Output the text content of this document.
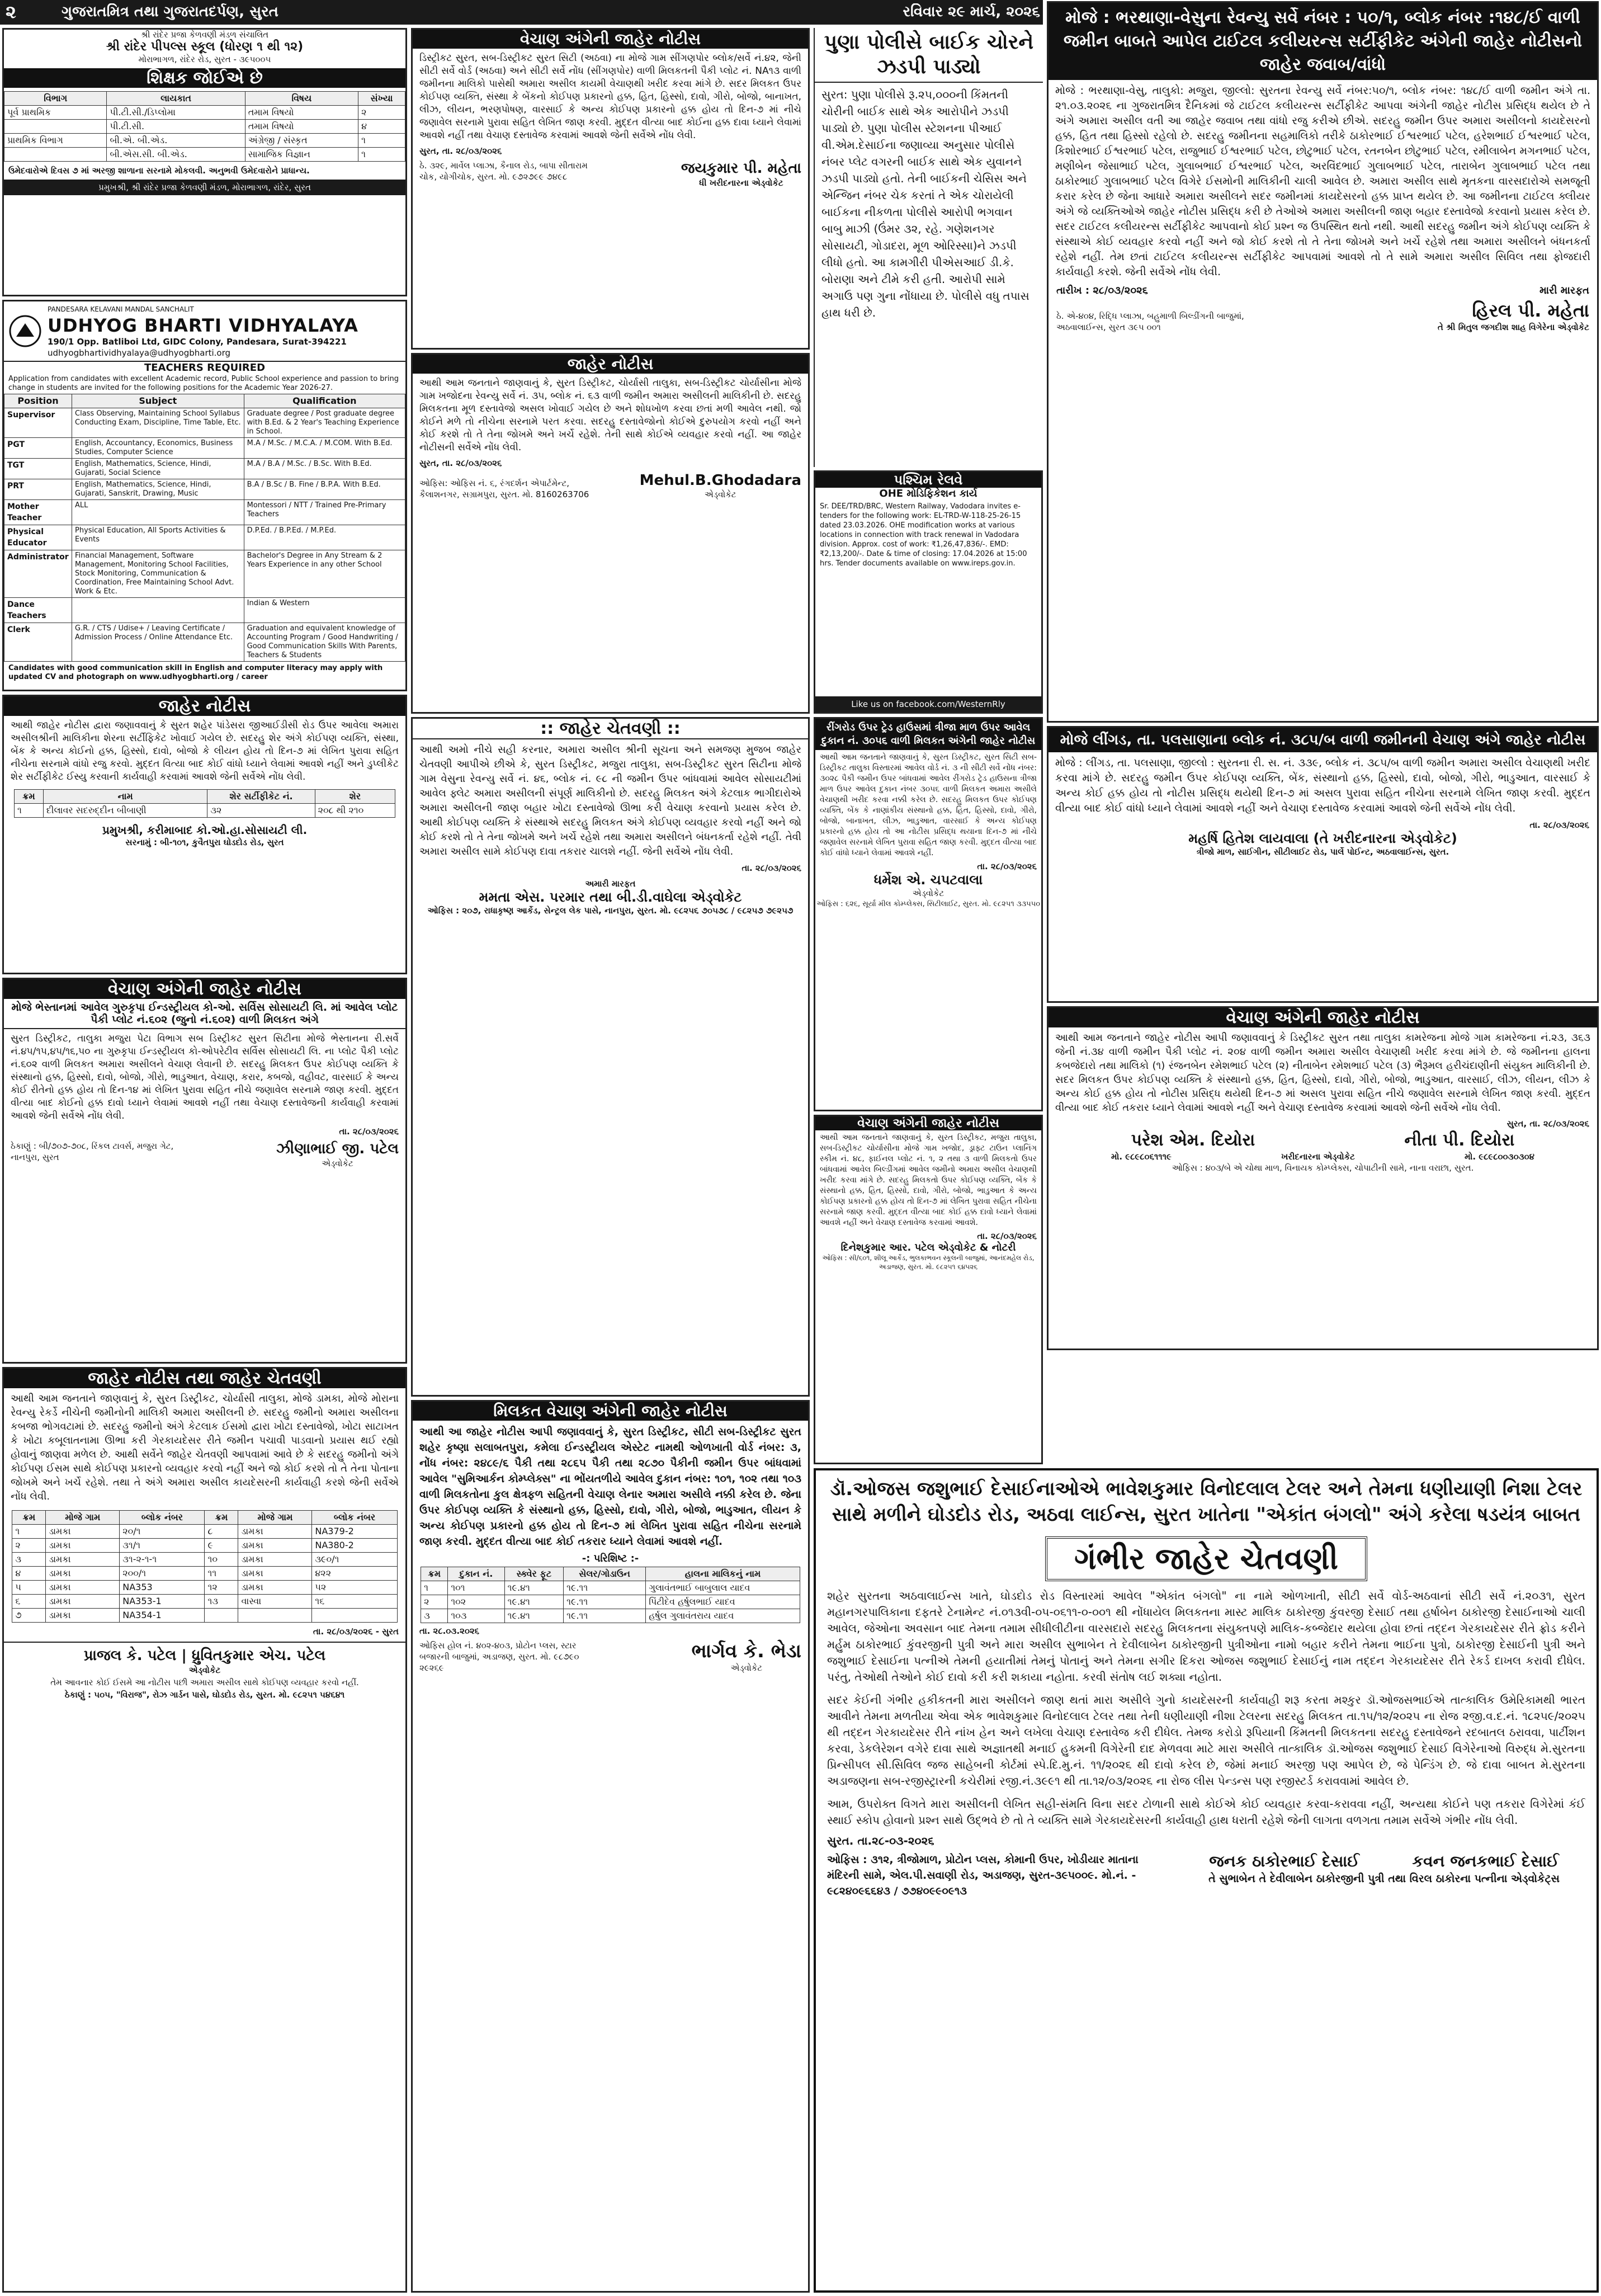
૨	ગુજરાતમિત્ર તથા ગુજરાતદર્પણ, સુરત	રવિવાર ૨૯ માર્ચ, ૨૦૨૬
શ્રી રાંદેર પ્રજા કેળવણી મંડળ સંચાલિત
શ્રી રાંદેર પીપલ્સ સ્કૂલ (ધોરણ ૧ થી ૧૨)
મોરાભાગળ, રાંદેર રોડ, સુરત - ૩૯૫૦૦૫
શિક્ષક જોઈએ છે
વિભાગ	લાયકાત	વિષય	સંખ્યા
પૂર્વ પ્રાથમિક	પી.ટી.સી./ડિપ્લોમા	તમામ વિષયો	૨
	પી.ટી.સી.	તમામ વિષયો	૪
પ્રાથમિક વિભાગ	બી.એ. બી.એડ.	અંગ્રેજી / સંસ્કૃત	૧
	બી.એસ.સી. બી.એડ.	સામાજિક વિજ્ઞાન	૧
ઉમેદવારોએ દિવસ ૭ માં અરજી શાળાના સરનામે મોકલવી. અનુભવી ઉમેદવારોને પ્રાધાન્ય.
પ્રમુખશ્રી, શ્રી રાંદેર પ્રજા કેળવણી મંડળ, મોરાભાગળ, રાંદેર, સુરત
PANDESARA KELAVANI MANDAL SANCHALIT
UDHYOG BHARTI VIDHYALAYA
190/1 Opp. Batliboi Ltd, GIDC Colony, Pandesara, Surat-394221
udhyogbhartividhyalaya@udhyogbharti.org
TEACHERS REQUIRED
Application from candidates with excellent Academic record, Public School experience and passion to bring change in students are invited for the following positions for the Academic Year 2026-27.
Position	Subject	Qualification
Supervisor	Class Observing, Maintaining School Syllabus Conducting Exam, Discipline, Time Table, Etc.	Graduate degree / Post graduate degree with B.Ed. & 2 Year's Teaching Experience in School.
PGT	English, Accountancy, Economics, Business Studies, Computer Science	M.A / M.Sc. / M.C.A. / M.COM. With B.Ed.
TGT	English, Mathematics, Science, Hindi, Gujarati, Social Science	M.A / B.A / M.Sc. / B.Sc. With B.Ed.
PRT	English, Mathematics, Science, Hindi, Gujarati, Sanskrit, Drawing, Music	B.A / B.Sc / B. Fine / B.P.A. With B.Ed.
Mother Teacher	ALL	Montessori / NTT / Trained Pre-Primary Teachers
Physical Educator	Physical Education, All Sports Activities & Events	D.P.Ed. / B.P.Ed. / M.P.Ed.
Administrator	Financial Management, Software Management, Monitoring School Facilities, Stock Monitoring, Communication & Coordination, Free Maintaining School Advt. Work & Etc.	Bachelor's Degree in Any Stream & 2 Years Experience in any other School
Dance Teachers		Indian & Western
Clerk	G.R. / CTS / Udise+ / Leaving Certificate / Admission Process / Online Attendance Etc.	Graduation and equivalent knowledge of Accounting Program / Good Handwriting / Good Communication Skills With Parents, Teachers & Students
Candidates with good communication skill in English and computer literacy may apply with updated CV and photograph on www.udhyogbharti.org / career
જાહેર નોટીસ
આથી જાહેર નોટીસ દ્વારા જણાવવાનું કે સુરત શહેર પાંડેસરા જીઆઈડીસી રોડ ઉપર આવેલા અમારા અસીલશ્રીની માલિકીના શેરના સર્ટીફિકેટ ખોવાઈ ગયેલ છે. સદરહુ શેર અંગે કોઈપણ વ્યક્તિ, સંસ્થા, બેંક કે અન્ય કોઈનો હક્ક, હિસ્સો, દાવો, બોજો કે લીયન હોય તો દિન-૭ માં લેખિત પુરાવા સહિત નીચેના સરનામે વાંધો રજુ કરવો. મુદ્દત વિત્યા બાદ કોઈ વાંધો ધ્યાને લેવામાં આવશે નહીં અને ડુપ્લીકેટ શેર સર્ટીફીકેટ ઈસ્યુ કરવાની કાર્યવાહી કરવામાં આવશે જેની સર્વેએ નોંધ લેવી.
ક્રમ	નામ	શેર સર્ટીફીકેટ નં.	શેર
૧	દીલાવર સદરુદ્દીન બીબાણી	૩૨	૨૦૮ થી ૨૧૦
પ્રમુખશ્રી, કરીમાબાદ કો.ઓ.હા.સોસાયટી લી.
સરનામું : બી-૧૦૧, કુવૈતપુરા ઘોડદોડ રોડ, સુરત
વેચાણ અંગેની જાહેર નોટીસ
મોજે ભેસ્તાનમાં આવેલ ગુરુકૃપા ઈન્ડસ્ટ્રીયલ કો-ઓ. સર્વિસ સોસાયટી લિ. માં આવેલ પ્લોટ પૈકી પ્લોટ નં.૬૦૨ (જુનો નં.૬૦૨) વાળી મિલકત અંગે
સુરત ડિસ્ટ્રીકટ, તાલુકા મજુરા પેટા વિભાગ સબ ડિસ્ટ્રીકટ સુરત સિટીના મોજે ભેસ્તાનના રી.સર્વે નં.૪૫/૧૫,૪૫/૧૬,૫૦ ના ગુરુકૃપા ઈન્ડસ્ટ્રીયલ કો-ઓપરેટીવ સર્વિસ સોસાયટી લિ. ના પ્લોટ પૈકી પ્લોટ નં.૬૦૨ વાળી મિલકત અમારા અસીલને વેચાણ લેવાની છે. સદરહુ મિલકત ઉપર કોઈપણ વ્યક્તિ કે સંસ્થાનો હક્ક, હિસ્સો, દાવો, બોજો, ગીરો, ભાડુઆત, વેચાણ, કરાર, કબજો, વહીવટ, વારસાઈ કે અન્ય કોઈ રીતેનો હક્ક હોય તો દિન-૧૪ માં લેખિત પુરાવા સહિત નીચે જણાવેલ સરનામે જાણ કરવી. મુદ્દત વીત્યા બાદ કોઈનો હક્ક દાવો ધ્યાને લેવામાં આવશે નહીં તથા વેચાણ દસ્તાવેજની કાર્યવાહી કરવામાં આવશે જેની સર્વેએ નોંધ લેવી.
તા. ૨૮/૦૩/૨૦૨૬
ઠેકાણું : બી/૭૦૭-૭૦૮, રિંકલ ટાવર્સ, મજુરા ગેટ, નાનપુરા, સુરત	ઝીણાભાઈ જી. પટેલ
એડ્વોકેટ
જાહેર નોટીસ તથા જાહેર ચેતવણી
આથી આમ જનતાને જાણવાનું કે, સુરત ડિસ્ટ્રીકટ, ચોર્યાસી તાલુકા, મોજે ડામકા, મોજે મોરાના રેવન્યુ રેકર્ડે નીચેની જમીનોની માલિકી અમારા અસીલની છે. સદરહુ જમીનો અમારા અસીલના કબજા ભોગવટામાં છે. સદરહુ જમીનો અંગે કેટલાક ઈસમો દ્વારા ખોટા દસ્તાવેજો, ખોટા સાટાખત કે ખોટા કબૂલાતનામા ઊભા કરી ગેરકાયદેસર રીતે જમીન પચાવી પાડવાનો પ્રયાસ થઈ રહ્યો હોવાનું જાણવા મળેલ છે. આથી સર્વેને જાહેર ચેતવણી આપવામાં આવે છે કે સદરહુ જમીનો અંગે કોઈપણ ઈસમ સાથે કોઈપણ પ્રકારનો વ્યવહાર કરવો નહીં અને જો કોઈ કરશે તો તે તેના પોતાના જોખમે અને ખર્ચે રહેશે. તથા તે અંગે અમારા અસીલ કાયદેસરની કાર્યવાહી કરશે જેની સર્વેએ નોંધ લેવી.
ક્રમ	મોજે ગામ	બ્લોક નંબર	ક્રમ	મોજે ગામ	બ્લોક નંબર
૧	ડામકા	૨૦/૧	૮	ડામકા	NA379-2
૨	ડામકા	૩૧/૧	૯	ડામકા	NA380-2
૩	ડામકા	૩૧-૨-૧-૧	૧૦	ડામકા	૩૯૦/૧
૪	ડામકા	૨૦૦/૧	૧૧	ડામકા	૪૨૨
૫	ડામકા	NA353	૧૨	ડામકા	૫૨
૬	ડામકા	NA353-1	૧૩	વાસ્વા	૧૬
૭	ડામકા	NA354-1			
તા. ૨૮/૦૩/૨૦૨૬ - સુરત
પ્રાજલ કે. પટેલ | ધ્રુવિતકુમાર એચ. પટેલ
એડ્વોકેટ
તેમ આવનાર કોઈ ઈસમે આ નોટીસ પછી અમારા અસીલ સાથે કોઈપણ વ્યવહાર કરવો નહીં.
ઠેકાણું : ૫૦૫, "વિરાજ", રોઝ ગાર્ડન પાસે, ઘોડદોડ રોડ, સુરત. મો. ૯૮૨૫૧ ૫૪૬૪૧
વેચાણ અંગેની જાહેર નોટીસ
ડિસ્ટ્રીકટ સુરત, સબ-ડિસ્ટ્રીકટ સુરત સિટી (અઠવા) ના મોજે ગામ સીંગણપોર બ્લોક/સર્વે નં.૪૨, જેની સીટી સર્વે વોર્ડ (અઠવા) અને સીટી સર્વે નોંધ (સીંગણપોર) વાળી મિલકતની પૈકી પ્લોટ નં. NA૧૩ વાળી જમીનના માલિકો પાસેથી અમારા અસીલ કાયમી વેચાણથી ખરીદ કરવા માંગે છે. સદર મિલકત ઉપર કોઈપણ વ્યક્તિ, સંસ્થા કે બેંકનો કોઈપણ પ્રકારનો હક્ક, હિત, હિસ્સો, દાવો, ગીરો, બોજો, બાનાખત, લીઝ, લીયન, ભરણપોષણ, વારસાઈ કે અન્ય કોઈપણ પ્રકારનો હક્ક હોય તો દિન-૭ માં નીચે જણાવેલ સરનામે પુરાવા સહિત લેખિત જાણ કરવી. મુદ્દત વીત્યા બાદ કોઈના હક્ક દાવા ધ્યાને લેવામાં આવશે નહીં તથા વેચાણ દસ્તાવેજ કરવામાં આવશે જેની સર્વેએ નોંધ લેવી.
સુરત, તા. ૨૮/૦૩/૨૦૨૬
ઠે. ૩૨૯, માર્વેલ પ્લાઝા, કૈનાલ રોડ, બાપા સીતારામ ચોક, યોગીચોક, સુરત. મો. ૯૭૨૭૯૯ ૭૪૯૮	જયકુમાર પી. મહેતા
ધી ખરીદનારના એડ્વોકેટ
પુણા પોલીસે બાઈક ચોરને ઝડપી પાડ્યો
સુરત: પુણા પોલીસે રૂ.૨૫,૦૦૦ની કિંમતની ચોરીની બાઈક સાથે એક આરોપીને ઝડપી પાડ્યો છે. પુણા પોલીસ સ્ટેશનના પીઆઈ વી.એમ.દેસાઈના જણાવ્યા અનુસાર પોલીસે નંબર પ્લેટ વગરની બાઈક સાથે એક યુવાનને ઝડપી પાડ્યો હતો. તેની બાઈકની ચેસિસ અને એન્જિન નંબર ચેક કરતાં તે એક ચોરાયેલી બાઈકના નીકળતા પોલીસે આરોપી ભગવાન બાબુ માઝી (ઉંમર ૩૨, રહે. ગણેશનગર સોસાયટી, ગોડાદરા, મૂળ ઓરિસ્સા)ને ઝડપી લીધો હતો. આ કામગીરી પીએસઆઈ ડી.કે. બોરાણા અને ટીમે કરી હતી. આરોપી સામે અગાઉ પણ ગુના નોંધાયા છે. પોલીસે વધુ તપાસ હાથ ધરી છે.
જાહેર નોટીસ
આથી આમ જનતાને જાણવાનું કે, સુરત ડિસ્ટ્રીકટ, ચોર્યાસી તાલુકા, સબ-ડિસ્ટ્રીકટ ચોર્યાસીના મોજે ગામ ખજોદના રેવન્યુ સર્વે નં. ૩૫, બ્લોક નં. ૬૩ વાળી જમીન અમારા અસીલની માલિકીની છે. સદરહુ મિલકતના મૂળ દસ્તાવેજો અસલ ખોવાઈ ગયેલ છે અને શોધખોળ કરવા છતાં મળી આવેલ નથી. જો કોઈને મળે તો નીચેના સરનામે પરત કરવા. સદરહુ દસ્તાવેજોનો કોઈએ દુરુપયોગ કરવો નહીં અને કોઈ કરશે તો તે તેના જોખમે અને ખર્ચે રહેશે. તેની સાથે કોઈએ વ્યવહાર કરવો નહીં. આ જાહેર નોટીસની સર્વેએ નોંધ લેવી.
સુરત, તા. ૨૮/૦૩/૨૦૨૬
ઓફિસ: ઓફિસ નં. ૬, રંગદર્શન એપાર્ટમેન્ટ, કૈલાશનગર, સગ્રામપુરા, સુરત. મો. 8160263706
Mehul.B.Ghodadara
એડ્વોકેટ
પશ્ચિમ રેલવે
OHE મોડિફિકેશન કાર્ય
Sr. DEE/TRD/BRC, Western Railway, Vadodara invites e-tenders for the following work: EL-TRD-W-118-25-26-15 dated 23.03.2026. OHE modification works at various locations in connection with track renewal in Vadodara division. Approx. cost of work: ₹1,26,47,836/-. EMD: ₹2,13,200/-. Date & time of closing: 17.04.2026 at 15:00 hrs. Tender documents available on www.ireps.gov.in.
Like us on facebook.com/WesternRly
:: જાહેર ચેતવણી ::
આથી અમો નીચે સહી કરનાર, અમારા અસીલ શ્રીની સૂચના અને સમજણ મુજબ જાહેર ચેતવણી આપીએ છીએ કે, સુરત ડિસ્ટ્રીકટ, મજુરા તાલુકા, સબ-ડિસ્ટ્રીકટ સુરત સિટીના મોજે ગામ વેસુના રેવન્યુ સર્વે નં. ૪૬, બ્લોક નં. ૯૮ ની જમીન ઉપર બાંધવામાં આવેલ સોસાયટીમાં આવેલ ફ્લેટ અમારા અસીલની સંપૂર્ણ માલિકીનો છે. સદરહુ મિલકત અંગે કેટલાક ભાગીદારોએ અમારા અસીલની જાણ બહાર ખોટા દસ્તાવેજો ઊભા કરી વેચાણ કરવાનો પ્રયાસ કરેલ છે. આથી કોઈપણ વ્યક્તિ કે સંસ્થાએ સદરહુ મિલકત અંગે કોઈપણ વ્યવહાર કરવો નહીં અને જો કોઈ કરશે તો તે તેના જોખમે અને ખર્ચે રહેશે તથા અમારા અસીલને બંધનકર્તા રહેશે નહીં. તેવી અમારા અસીલ સામે કોઈપણ દાવા તકરાર ચાલશે નહીં. જેની સર્વેએ નોંધ લેવી.
તા. ૨૮/૦૩/૨૦૨૬
અમારી મારફત
મમતા એસ. પરમાર તથા બી.ડી.વાઘેલા એડ્વોકેટ
ઓફિસ : ૨૦૭, રાધાકૃષ્ણ આર્કેડ, સેન્ટ્રલ લેક પાસે, નાનપુરા, સુરત. મો. ૯૮૨૫૬ ૭૦૫૭૮ / ૯૮૨૫૭ ૭૯૨૫૭
મિલકત વેચાણ અંગેની જાહેર નોટીસ
આથી આ જાહેર નોટીસ આપી જણાવવાનું કે, સુરત ડિસ્ટ્રીકટ, સીટી સબ-ડિસ્ટ્રીકટ સુરત શહેર કૃષ્ણા સલાબતપુરા, કમેલા ઈન્ડસ્ટ્રીયલ એસ્ટેટ નામથી ઓળખાતી વોર્ડ નંબર: ૩, નોંધ નંબર: ૨૪૮૯/૬ પૈકી તથા ૨૮૬૫ પૈકી તથા ૨૮૭૦ પૈકીની જમીન ઉપર બાંધવામાં આવેલ "સુમિઆર્કન કોમ્પ્લેક્સ" ના ભોંયતળીયે આવેલ દુકાન નંબર: ૧૦૧, ૧૦૨ તથા ૧૦૩ વાળી મિલકતોના કુલ ક્ષેત્રફળ સહિતની વેચાણ લેનાર અમારા અસીલે નક્કી કરેલ છે. જેના ઉપર કોઈપણ વ્યક્તિ કે સંસ્થાનો હક્ક, હિસ્સો, દાવો, ગીરો, બોજો, ભાડુઆત, લીયન કે અન્ય કોઈપણ પ્રકારનો હક્ક હોય તો દિન-૭ માં લેખિત પુરાવા સહિત નીચેના સરનામે જાણ કરવી. મુદ્દત વીત્યા બાદ કોઈ તકરાર ધ્યાને લેવામાં આવશે નહીં.
-: પરિશિષ્ટ :-
ક્રમ	દુકાન નં.	સ્ક્વેર ફૂટ	સેલર/ગોડાઉન	હાલના માલિકનું નામ
૧	૧૦૧	૧૯.૪૧	૧૯.૧૧	ગુલાવંતભાઈ બાબુલાલ યાદવ
૨	૧૦૨	૧૯.૪૧	૧૯.૧૧	પિંટીદેવ હર્ષુલભાઈ યાદવ
૩	૧૦૩	૧૯.૪૧	૧૯.૧૧	હર્ષુલ ગુલાવંતરાય યાદવ
તા. ૨૮.૦૩.૨૦૨૬
ઓફિસ હોલ નં. ૪૦૨-૪૦૩, પ્રોટોન પ્લસ, સ્ટાર બજારની બાજુમાં, અડાજણ, સુરત. મો. ૯૮૭૯૦ ૨૯૨૬૯
ભાર્ગવ કે. ભેડા
એડ્વોકેટ
રીંગરોડ ઉપર ટ્રેડ હાઉસમાં ત્રીજા માળ ઉપર આવેલ દુકાન નં. ૩૦૫૬ વાળી મિલકત અંગેની જાહેર નોટીસ
આથી આમ જનતાને જાણવાનું કે, સુરત ડિસ્ટ્રીકટ, સુરત સિટી સબ-ડિસ્ટ્રીકટ તાલુકા વિસ્તારમાં આવેલ વોર્ડ નં. ૩ ની સીટી સર્વે નોંધ નંબર: ૩૦૨૮ પૈકી જમીન ઉપર બાંધવામાં આવેલ રીંગરોડ ટ્રેડ હાઉસના ત્રીજા માળ ઉપર આવેલ દુકાન નંબર ૩૦૫૬ વાળી મિલકત અમારા અસીલે વેચાણથી ખરીદ કરવા નક્કી કરેલ છે. સદરહુ મિલકત ઉપર કોઈપણ વ્યક્તિ, બેંક કે નાણાંકીય સંસ્થાનો હક્ક, હિત, હિસ્સો, દાવો, ગીરો, બોજો, બાનાખત, લીઝ, ભાડુઆત, વારસાઈ કે અન્ય કોઈપણ પ્રકારનો હક્ક હોય તો આ નોટીસ પ્રસિદ્ધ થયાના દિન-૭ માં નીચે જણાવેલ સરનામે લેખિત પુરાવા સહિત જાણ કરવી. મુદ્દત વીત્યા બાદ કોઈ વાંધો ધ્યાને લેવામાં આવશે નહીં.
તા. ૨૮/૦૩/૨૦૨૬
ધર્મેશ એ. ચપટવાલા
એડ્વોકેટ
ઓફિસ : ૬૨૬, સૂર્યા મીલ કોમ્પ્લેક્સ, સિટીલાઈટ, સુરત. મો. ૯૮૨૫૧ ૩૩૫૫૦
વેચાણ અંગેની જાહેર નોટીસ
આથી આમ જનતાને જાણવાનું કે, સુરત ડિસ્ટ્રીકટ, મજુરા તાલુકા, સબ-ડિસ્ટ્રીકટ ચોર્યાસીના મોજે ગામ ખજોદ, ડ્રાફ્ટ ટાઉન પ્લાનિંગ સ્કીમ નં. ૪૮, ફાઈનલ પ્લોટ નં. ૧, ૨ તથા ૩ વાળી મિલકતો ઉપર બાંધવામાં આવેલ બિલ્ડીંગમાં આવેલ જમીનો અમારા અસીલ વેચાણથી ખરીદ કરવા માંગે છે. સદરહુ મિલકતો ઉપર કોઈપણ વ્યક્તિ, બેંક કે સંસ્થાનો હક્ક, હિત, હિસ્સો, દાવો, ગીરો, બોજો, ભાડુઆત કે અન્ય કોઈપણ પ્રકારનો હક્ક હોય તો દિન-૭ માં લેખિત પુરાવા સહિત નીચેના સરનામે જાણ કરવી. મુદ્દત વીત્યા બાદ કોઈ હક્ક દાવો ધ્યાને લેવામાં આવશે નહીં અને વેચાણ દસ્તાવેજ કરવામાં આવશે.
તા. ૨૮/૦૩/૨૦૨૬
દિનેશકુમાર આર. પટેલ એડ્વોકેટ & નોટરી
ઓફિસ : સી/૬૦૧, શીલૂ આર્કેડ, ભુલકાભવન સ્કૂલની બાજુમાં, આનંદમહેલ રોડ, અડાજણ, સુરત. મો. ૯૮૨૫૧ ૬૪૫૨૬
મોજે : ભરથાણા-વેસુના રેવન્યુ સર્વે નંબર : ૫૦/૧, બ્લોક નંબર :૧૪૮/ઈ વાળી જમીન બાબતે આપેલ ટાઈટલ કલીયરન્સ સર્ટીફીકેટ અંગેની જાહેર નોટીસનો જાહેર જવાબ/વાંધો
મોજે : ભરથાણા-વેસુ, તાલુકો: મજુરા, જીલ્લો: સુરતના રેવન્યુ સર્વે નંબર:૫૦/૧, બ્લોક નંબર: ૧૪૮/ઈ વાળી જમીન અંગે તા. ૨૧.૦૩.૨૦૨૬ ના ગુજરાતમિત્ર દૈનિકમાં જે ટાઈટલ કલીયરન્સ સર્ટીફીકેટ આપવા અંગેની જાહેર નોટીસ પ્રસિદ્ધ થયેલ છે તે અંગે અમારા અસીલ વતી આ જાહેર જવાબ તથા વાંધો રજુ કરીએ છીએ. સદરહુ જમીન ઉપર અમારા અસીલનો કાયદેસરનો હક્ક, હિત તથા હિસ્સો રહેલો છે. સદરહુ જમીનના સહમાલિકો તરીકે ઠાકોરભાઈ ઈશ્વરભાઈ પટેલ, હરેશભાઈ ઈશ્વરભાઈ પટેલ, કિશોરભાઈ ઈશ્વરભાઈ પટેલ, રાજુભાઈ ઈશ્વરભાઈ પટેલ, છોટુભાઈ પટેલ, રતનબેન છોટુભાઈ પટેલ, રમીલાબેન મગનભાઈ પટેલ, મણીબેન જેસાભાઈ પટેલ, ગુલાબભાઈ ઈશ્વરભાઈ પટેલ, અરવિંદભાઈ ગુલાબભાઈ પટેલ, તારાબેન ગુલાબભાઈ પટેલ તથા ઠાકોરભાઈ ગુલાબભાઈ પટેલ વિગેરે ઈસમોની માલિકીની ચાલી આવેલ છે. અમારા અસીલ સાથે મૃતકના વારસદારોએ સમજૂતી કરાર કરેલ છે જેના આધારે અમારા અસીલને સદર જમીનમાં કાયદેસરનો હક્ક પ્રાપ્ત થયેલ છે. આ જમીનના ટાઈટલ ક્લીયર અંગે જે વ્યક્તિઓએ જાહેર નોટીસ પ્રસિદ્ધ કરી છે તેઓએ અમારા અસીલની જાણ બહાર દસ્તાવેજો કરવાનો પ્રયાસ કરેલ છે. સદર ટાઈટલ કલીયરન્સ સર્ટીફીકેટ આપવાનો કોઈ પ્રશ્ન જ ઉપસ્થિત થતો નથી. આથી સદરહુ જમીન અંગે કોઈપણ વ્યક્તિ કે સંસ્થાએ કોઈ વ્યવહાર કરવો નહીં અને જો કોઈ કરશે તો તે તેના જોખમે અને ખર્ચે રહેશે તથા અમારા અસીલને બંધનકર્તા રહેશે નહીં. તેમ છતાં ટાઈટલ કલીયરન્સ સર્ટીફીકેટ આપવામાં આવશે તો તે સામે અમારા અસીલ સિવિલ તથા ફોજદારી કાર્યવાહી કરશે. જેની સર્વેએ નોંધ લેવી.
તારીખ : ૨૮/૦૩/૨૦૨૬	મારી મારફત
ઠે. એ-૪૦૪, રિદ્ધિ પ્લાઝા, બહુમાળી બિલ્ડીંગની બાજુમાં, અઠવાલાઈન્સ, સુરત ૩૯૫ ૦૦૧
હિરલ પી. મહેતા
તે શ્રી મિતુલ જગદીશ શાહ વિગેરેના એડ્વોકેટ
મોજે લીંગડ, તા. પલસાણાના બ્લોક નં. ૩૮૫/બ વાળી જમીનની વેચાણ અંગે જાહેર નોટીસ
મોજે : લીંગડ, તા. પલસાણા, જીલ્લો : સુરતના રી. સ. નં. ૩૩૯, બ્લોક નં. ૩૮૫/બ વાળી જમીન અમારા અસીલ વેચાણથી ખરીદ કરવા માંગે છે. સદરહુ જમીન ઉપર કોઈપણ વ્યક્તિ, બેંક, સંસ્થાનો હક્ક, હિસ્સો, દાવો, બોજો, ગીરો, ભાડુઆત, વારસાઈ કે અન્ય કોઈ હક્ક હોય તો નોટીસ પ્રસિદ્ધ થયેથી દિન-૭ માં અસલ પુરાવા સહિત નીચેના સરનામે લેખિત જાણ કરવી. મુદ્દત વીત્યા બાદ કોઈ વાંધો ધ્યાને લેવામાં આવશે નહીં અને વેચાણ દસ્તાવેજ કરવામાં આવશે જેની સર્વેએ નોંધ લેવી.
તા. ૨૮/૦૩/૨૦૨૬
મહર્ષિ હિતેશ લાયવાલા (તે ખરીદનારના એડ્વોકેટ)
ત્રીજો માળ, સાઈગીન, સીટીલાઈટ રોડ, પાર્લે પોઈન્ટ, અઠવાલાઈન્સ, સુરત.
વેચાણ અંગેની જાહેર નોટીસ
આથી આમ જનતાને જાહેર નોટીસ આપી જણાવવાનું કે ડિસ્ટ્રીકટ સુરત તથા તાલુકા કામરેજના મોજે ગામ કામરેજના નં.૨૩, ૩૬૩ જેની નં.૩૪ વાળી જમીન પૈકી પ્લોટ નં. ૨૦૪ વાળી જમીન અમારા અસીલ વેચાણથી ખરીદ કરવા માંગે છે. જે જમીનના હાલના કબજેદારો તથા માલિકો (૧) રંજનબેન રમેશભાઈ પટેલ (૨) નીતાબેન રમેશભાઈ પટેલ (૩) ભૈરૂમલ હરીચંદાણીની સંયુક્ત માલિકીની છે. સદર મિલકત ઉપર કોઈપણ વ્યક્તિ કે સંસ્થાનો હક્ક, હિત, હિસ્સો, દાવો, ગીરો, બોજો, ભાડુઆત, વારસાઈ, લીઝ, લીયન, લીઝ કે અન્ય કોઈ હક્ક હોય તો નોટીસ પ્રસિદ્ધ થયેથી દિન-૭ માં અસલ પુરાવા સહિત નીચે જણાવેલ સરનામે લેખિત જાણ કરવી. મુદ્દત વીત્યા બાદ કોઈ તકરાર ધ્યાને લેવામાં આવશે નહીં અને વેચાણ દસ્તાવેજ કરવામાં આવશે જેની સર્વેએ નોંધ લેવી.
સુરત, તા. ૨૮/૦૩/૨૦૨૬
પરેશ એમ. દિયોરા	નીતા પી. દિયોરા
મો. ૯૮૯૮૦૬૧૧૧૯	ખરીદનારના એડ્વોકેટ	મો. ૯૮૯૮૦૦૩૦૩૦૪
ઓફિસ : ૪૦૩/બે એ ચોથા માળ, વિનાયક કોમ્પ્લેક્સ, ચોપાટીની સામે, નાના વરાછા, સુરત.
ડૉ.ઓજસ જશુભાઈ દેસાઈનાઓએ ભાવેશકુમાર વિનોદલાલ ટેલર અને તેમના ધણીયાણી નિશા ટેલર સાથે મળીને ઘોડદોડ રોડ, અઠવા લાઈન્સ, સુરત ખાતેના "એકાંત બંગલો" અંગે કરેલા ષડયંત્ર બાબત
ગંભીર જાહેર ચેતવણી
શહેર સુરતના અઠવાલાઈન્સ ખાતે, ઘોડદોડ રોડ વિસ્તારમાં આવેલ "એકાંત બંગલો" ના નામે ઓળખાતી, સીટી સર્વે વોર્ડ-અઠવાનાં સીટી સર્વે નં.૨૦૩૧, સુરત મહાનગરપાલિકાના દફતરે ટેનામેન્ટ નં.૦૧૩વી-૦૫-૦૬૧૧-૦-૦૦૧ થી નોંધાયેલ મિલકતના માસ્ટ માલિક ઠાકોરજી કુંવરજી દેસાઈ તથા હર્ષાબેન ઠાકોરજી દેસાઈનાઓ ચાલી આવેલ, જેઓના અવસાન બાદ તેમના તમામ સીધીલીટીના વારસદારો સદરહુ મિલકતના સંયુક્તપણે માલિક-કબ્જેદાર થયેલા હોવા છતાં તદ્દન ગેરકાયદેસર રીતે ફ્રોડ કરીને મર્હુમ ઠાકોરભાઈ કુંવરજીની પુત્રી અને મારા અસીલ સુભાબેન તે દેવીલાબેન ઠાકોરજીની પુત્રીઓના નામો બહાર કરીને તેમના ભાઈના પુત્રો, ઠાકોરજી દેસાઈની પુત્રી અને જશુભાઈ દેસાઈના પત્નીએ તેમની હયાતીમાં તેમનું પોતાનું અને તેમના સગીર દિકરા ઓજસ જશુભાઈ દેસાઈનું નામ તદ્દન ગેરકાયદેસર રીતે રેકર્ડ દાખલ કરાવી દીધેલ. પરંતુ, તેઓથી તેઓને કોઈ દાવો કરી કરી શકાયા નહોતા. કરવી સંતોષ લઈ શક્યા નહોતા.
સદર કેઈની ગંભીર હકીકતની મારા અસીલને જાણ થતાં મારા અસીલે ગુનો કાયદેસરની કાર્યવાહી શરૂ કરતા મશ્કુર ડૉ.ઓજસભાઈએ તાત્કાલિક ઉમેરિકામથી ભારત આવીને તેમના મળતીયા એવા એક ભાવેશકુમાર વિનોદલાલ ટેલર તથા તેની ધણીયાણી નીશા ટેલરના સદરહુ મિલકત તા.૧૫/૧૨/૨૦૨૫ ના રોજ ૨જી.વ.દ.નં. ૧૮૨૫૯/૨૦૨૫ થી તદ્દન ગેરકાયદેસર રીતે નાંખ હેન અને લખેલા વેચાણ દસ્તાવેજ કરી દીધેલ. તેમજ કરોડો રૂપિયાની કિંમતની મિલકતના સદરહુ દસ્તાવેજને રદબાતલ ઠરાવવા, પાર્ટીશન કરવા, ડેકલેરેશન વગેરે દાવા સાથે અજ્ઞાતથી મનાઈ હુકમની વિગેરેની દાદ મેળવવા માટે મારા અસીલે તાત્કાલિક ડૉ.ઓજસ જશુભાઈ દેસાઈ વિગેરેનાઓ વિરુદ્ધ મે.સુરતના પ્રિન્સીપલ સી.સિવિલ જજ સાહેબની કોર્ટમાં સ્પે.દિ.મુ.નં. ૧૧/૨૦૨૬ થી દાવો કરેલ છે, જેમાં મનાઈ અરજી પણ આપેલ છે, જે પેન્ડિંગ છે. જે દાવા બાબત મે.સુરતના અડાજણના સબ-રજીસ્ટ્રારની કચેરીમાં રજી.નં.૩૯૯૧ થી તા.૧૨/૦૩/૨૦૨૬ ના રોજ લીસ પેન્ડન્સ પણ રજીસ્ટર્ડ કરાવવામાં આવેલ છે.
આમ, ઉપરોક્ત વિગતે મારા અસીલની લેખિત સહી-સંમતિ વિના સદર ટોળાની સાથે કોઈએ કોઈ વ્યવહાર કરવા-કરાવવા નહીં, અન્યથા કોઈને પણ તકરાર વિગેરેમાં કંઈ સ્થાઈ સ્કોપ હોવાનો પ્રશ્ન સાથે ઉદ્ભવે છે તો તે વ્યક્તિ સામે ગેરકાયદેસરની કાર્યવાહી હાથ ધરાતી રહેશે જેની લાગતા વળગતા તમામ સર્વેએ ગંભીર નોંધ લેવી.
સુરત. તા.૨૮-૦૩-૨૦૨૬
ઓફિસ : ૩૧૨, ત્રીજોમાળ, પ્રોટોન પ્લસ, કોમાની ઉપર, ખોડીયાર માતાના મંદિરની સામે, એલ.પી.સવાણી રોડ, અડાજણ, સુરત-૩૯૫૦૦૯. મો.નં. - ૯૮૨૪૦૯૬૬૪૩ / ૭૭૪૦૯૯૦૯૧૩
જનક ઠાકોરભાઈ દેસાઈ	કવન જનકભાઈ દેસાઈ
તે સુભાબેન તે દેવીલાબેન ઠાકોરજીની પુત્રી તથા વિરલ ઠાકોરના પત્નીના એડ્વોકેટ્સ
